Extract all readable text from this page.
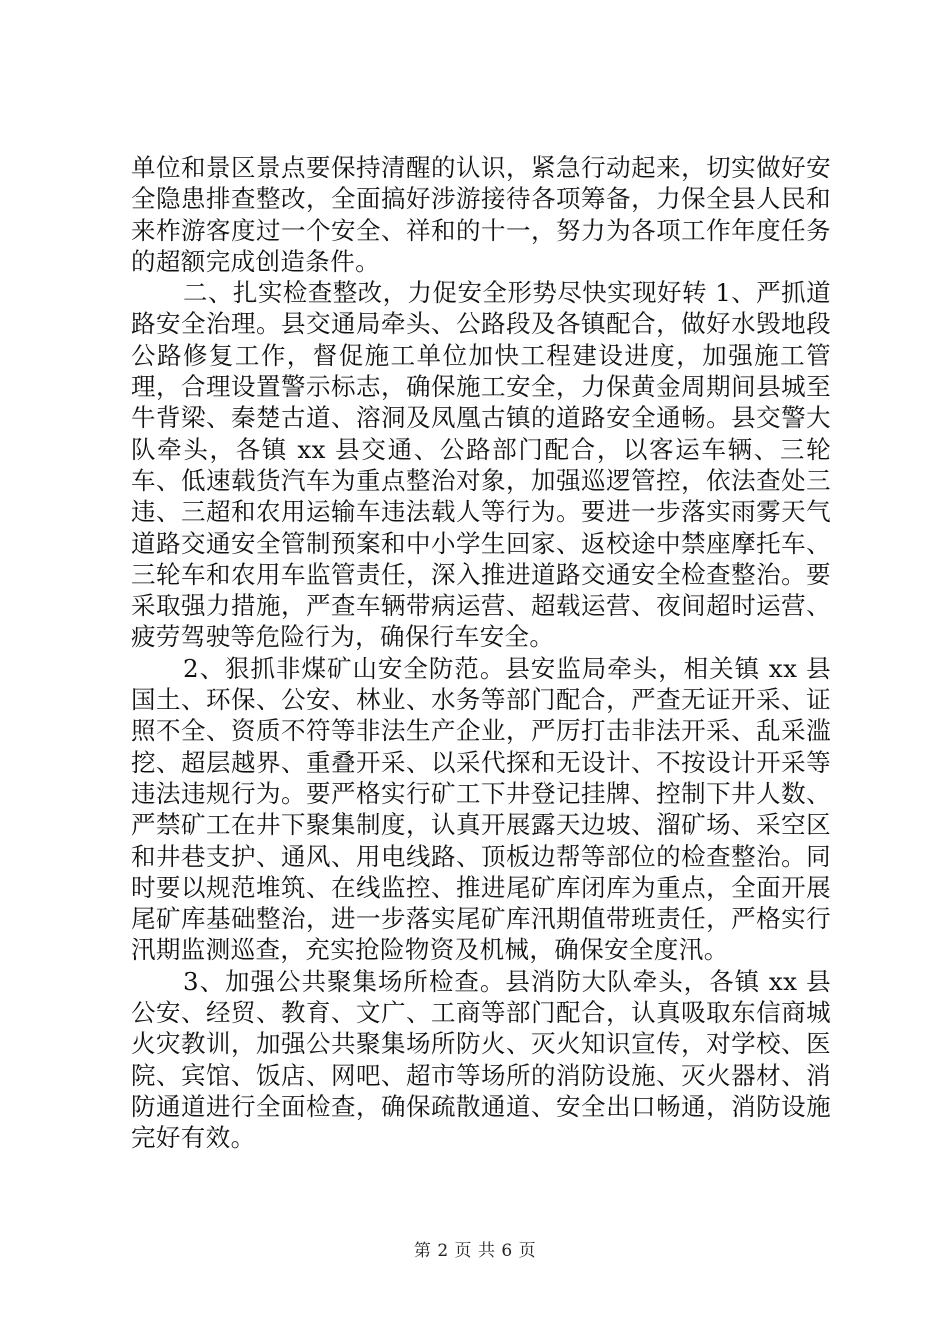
单位和景区景点要保持清醒的认识，紧急行动起来，切实做好安全隐患排查整改，全面搞好涉游接待各项筹备，力保全县人民和来柞游客度过一个安全、祥和的十一，努力为各项工作年度任务的超额完成创造条件。

二、扎实检查整改，力促安全形势尽快实现好转 1、严抓道路安全治理。县交通局牵头、公路段及各镇配合，做好水毁地段公路修复工作，督促施工单位加快工程建设进度，加强施工管理，合理设置警示标志，确保施工安全，力保黄金周期间县城至牛背梁、秦楚古道、溶洞及凤凰古镇的道路安全通畅。县交警大队牵头，各镇 xx 县交通、公路部门配合，以客运车辆、三轮车、低速载货汽车为重点整治对象，加强巡逻管控，依法查处三违、三超和农用运输车违法载人等行为。要进一步落实雨雾天气道路交通安全管制预案和中小学生回家、返校途中禁座摩托车、三轮车和农用车监管责任，深入推进道路交通安全检查整治。要采取强力措施，严查车辆带病运营、超载运营、夜间超时运营、疲劳驾驶等危险行为，确保行车安全。

2、狠抓非煤矿山安全防范。县安监局牵头，相关镇 xx 县国土、环保、公安、林业、水务等部门配合，严查无证开采、证照不全、资质不符等非法生产企业，严厉打击非法开采、乱采滥挖、超层越界、重叠开采、以采代探和无设计、不按设计开采等违法违规行为。要严格实行矿工下井登记挂牌、控制下井人数、严禁矿工在井下聚集制度，认真开展露天边坡、溜矿场、采空区和井巷支护、通风、用电线路、顶板边帮等部位的检查整治。同时要以规范堆筑、在线监控、推进尾矿库闭库为重点，全面开展尾矿库基础整治，进一步落实尾矿库汛期值带班责任，严格实行汛期监测巡查，充实抢险物资及机械，确保安全度汛。

3、加强公共聚集场所检查。县消防大队牵头，各镇 xx 县公安、经贸、教育、文广、工商等部门配合，认真吸取东信商城火灾教训，加强公共聚集场所防火、灭火知识宣传，对学校、医院、宾馆、饭店、网吧、超市等场所的消防设施、灭火器材、消防通道进行全面检查，确保疏散通道、安全出口畅通，消防设施完好有效。

第 2 页 共 6 页
